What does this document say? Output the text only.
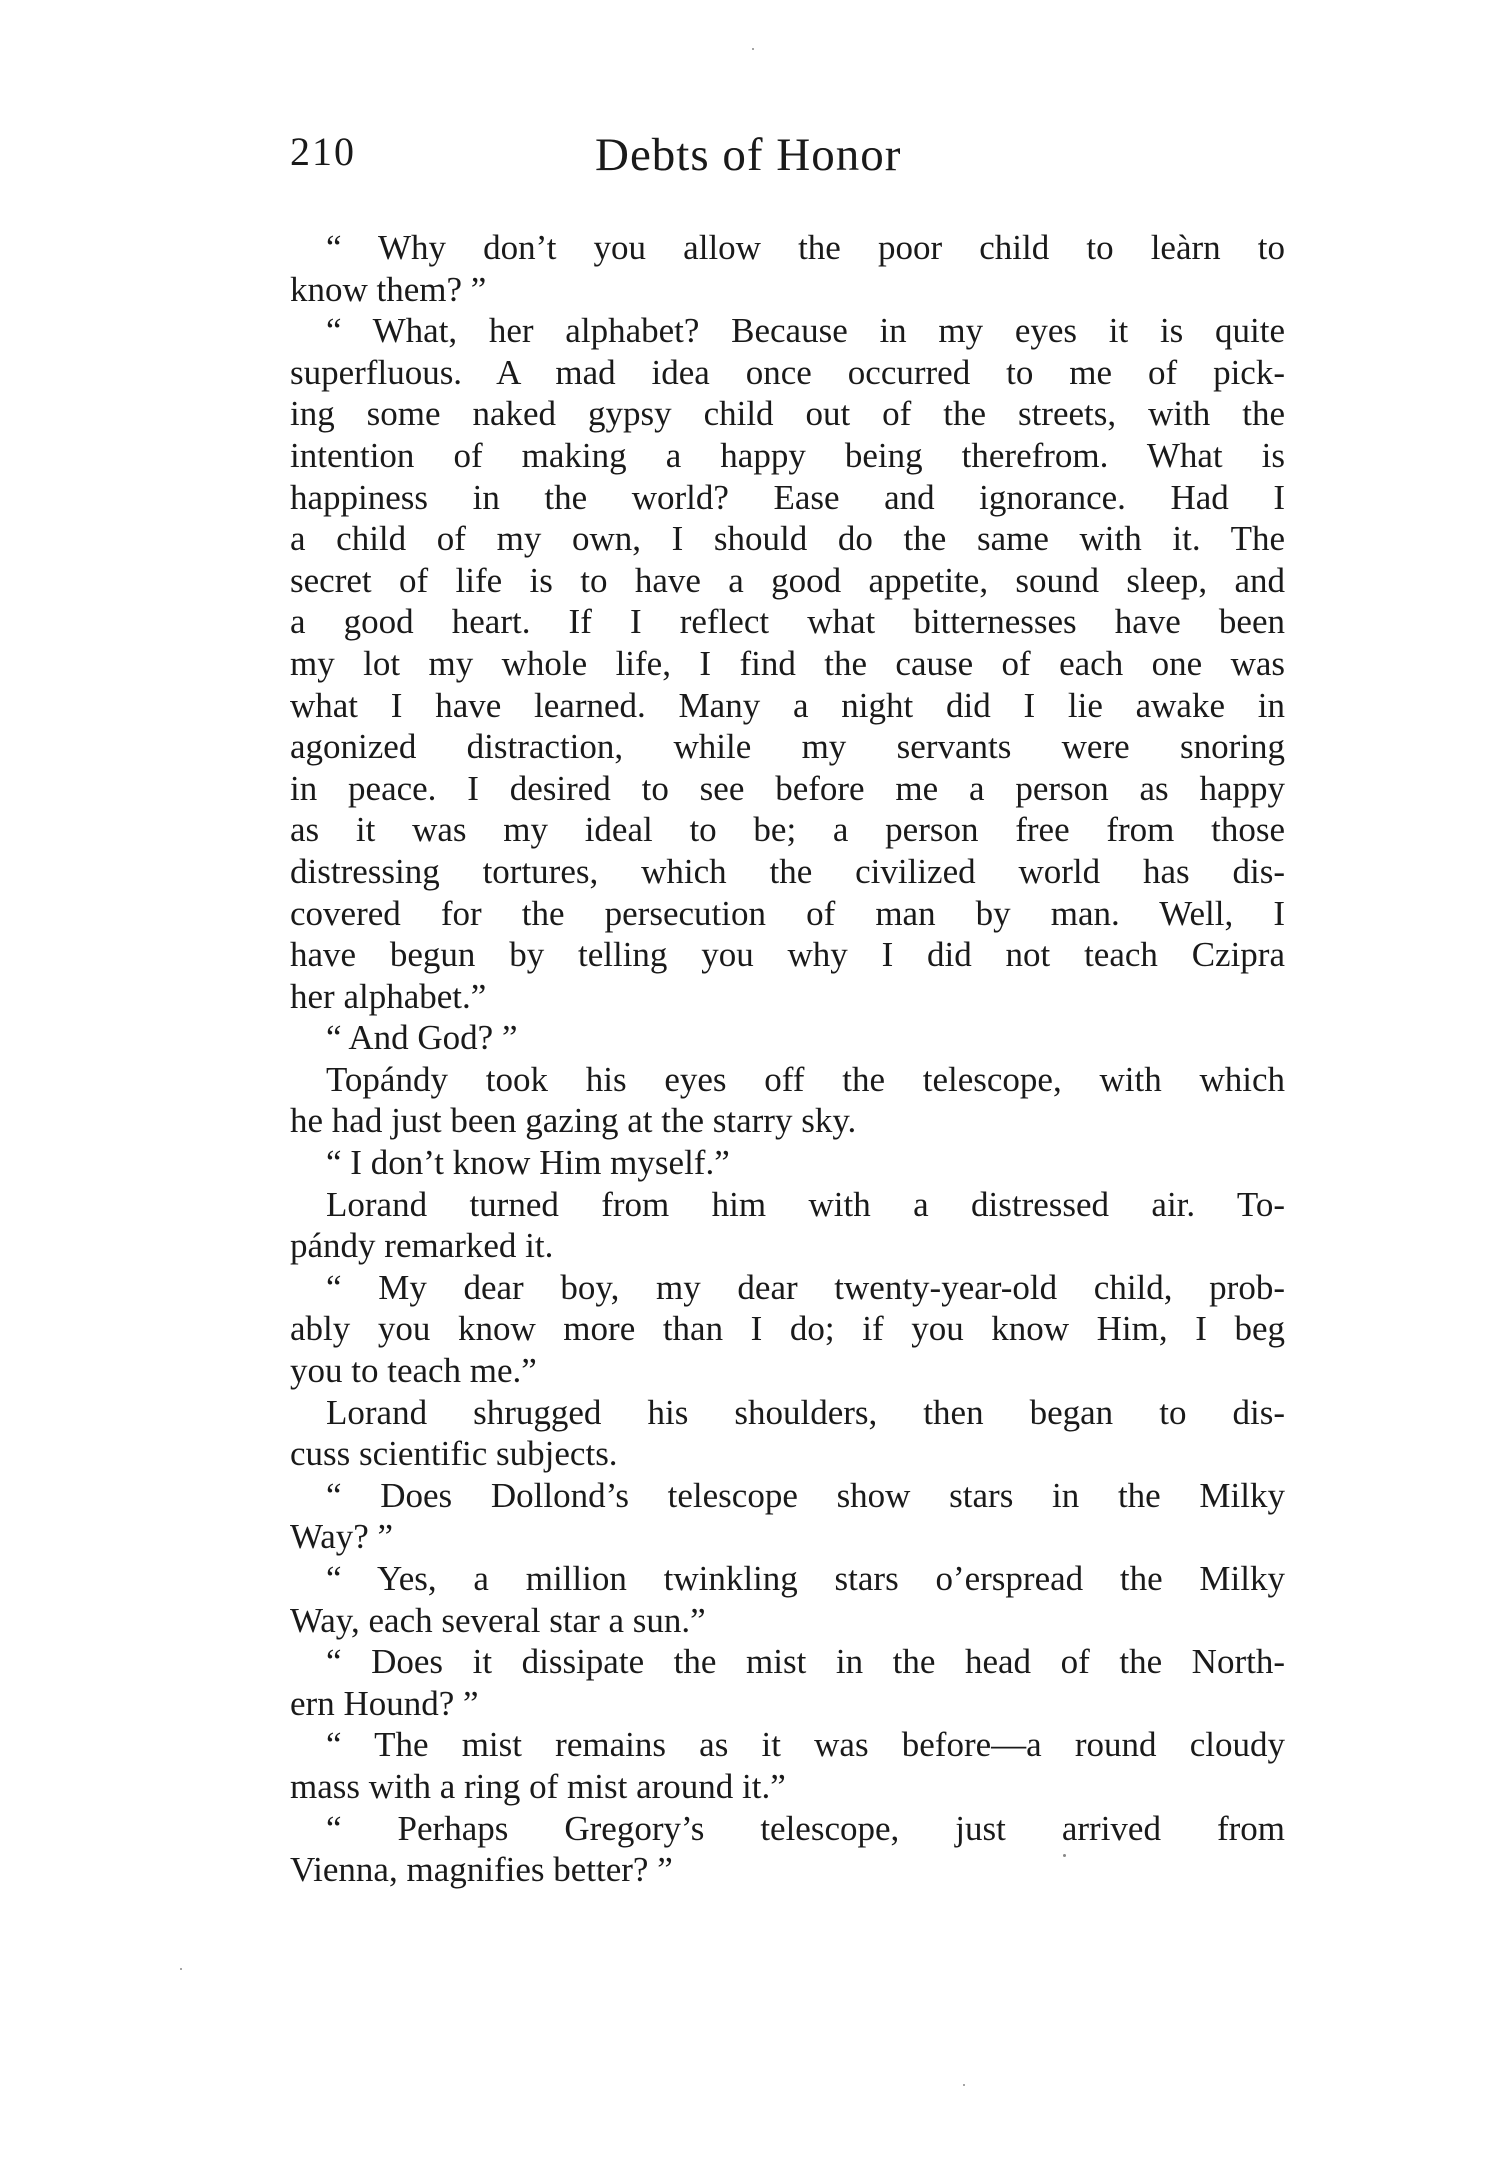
210	Debts of Honor

“ Why don’t you allow the poor child to leàrn to
know them? ”

“ What, her alphabet? Because in my eyes it is quite
superfluous. A mad idea once occurred to me of pick-
ing some naked gypsy child out of the streets, with the
intention of making a happy being therefrom. What is
happiness in the world? Ease and ignorance. Had I
a child of my own, I should do the same with it. The
secret of life is to have a good appetite, sound sleep, and
a good heart. If I reflect what bitternesses have been
my lot my whole life, I find the cause of each one was
what I have learned. Many a night did I lie awake in
agonized distraction, while my servants were snoring
in peace. I desired to see before me a person as happy
as it was my ideal to be; a person free from those
distressing tortures, which the civilized world has dis-
covered for the persecution of man by man. Well, I
have begun by telling you why I did not teach Czipra
her alphabet.”

“ And God? ”

Topándy took his eyes off the telescope, with which
he had just been gazing at the starry sky.

“ I don’t know Him myself.”

Lorand turned from him with a distressed air. To-
pándy remarked it.

“ My dear boy, my dear twenty-year-old child, prob-
ably you know more than I do; if you know Him, I beg
you to teach me.”

Lorand shrugged his shoulders, then began to dis-
cuss scientific subjects.

“ Does Dollond’s telescope show stars in the Milky
Way? ”

“ Yes, a million twinkling stars o’erspread the Milky
Way, each several star a sun.”

“ Does it dissipate the mist in the head of the North-
ern Hound? ”

“ The mist remains as it was before—a round cloudy
mass with a ring of mist around it.”

“ Perhaps Gregory’s telescope, just arrived from
Vienna, magnifies better? ”
